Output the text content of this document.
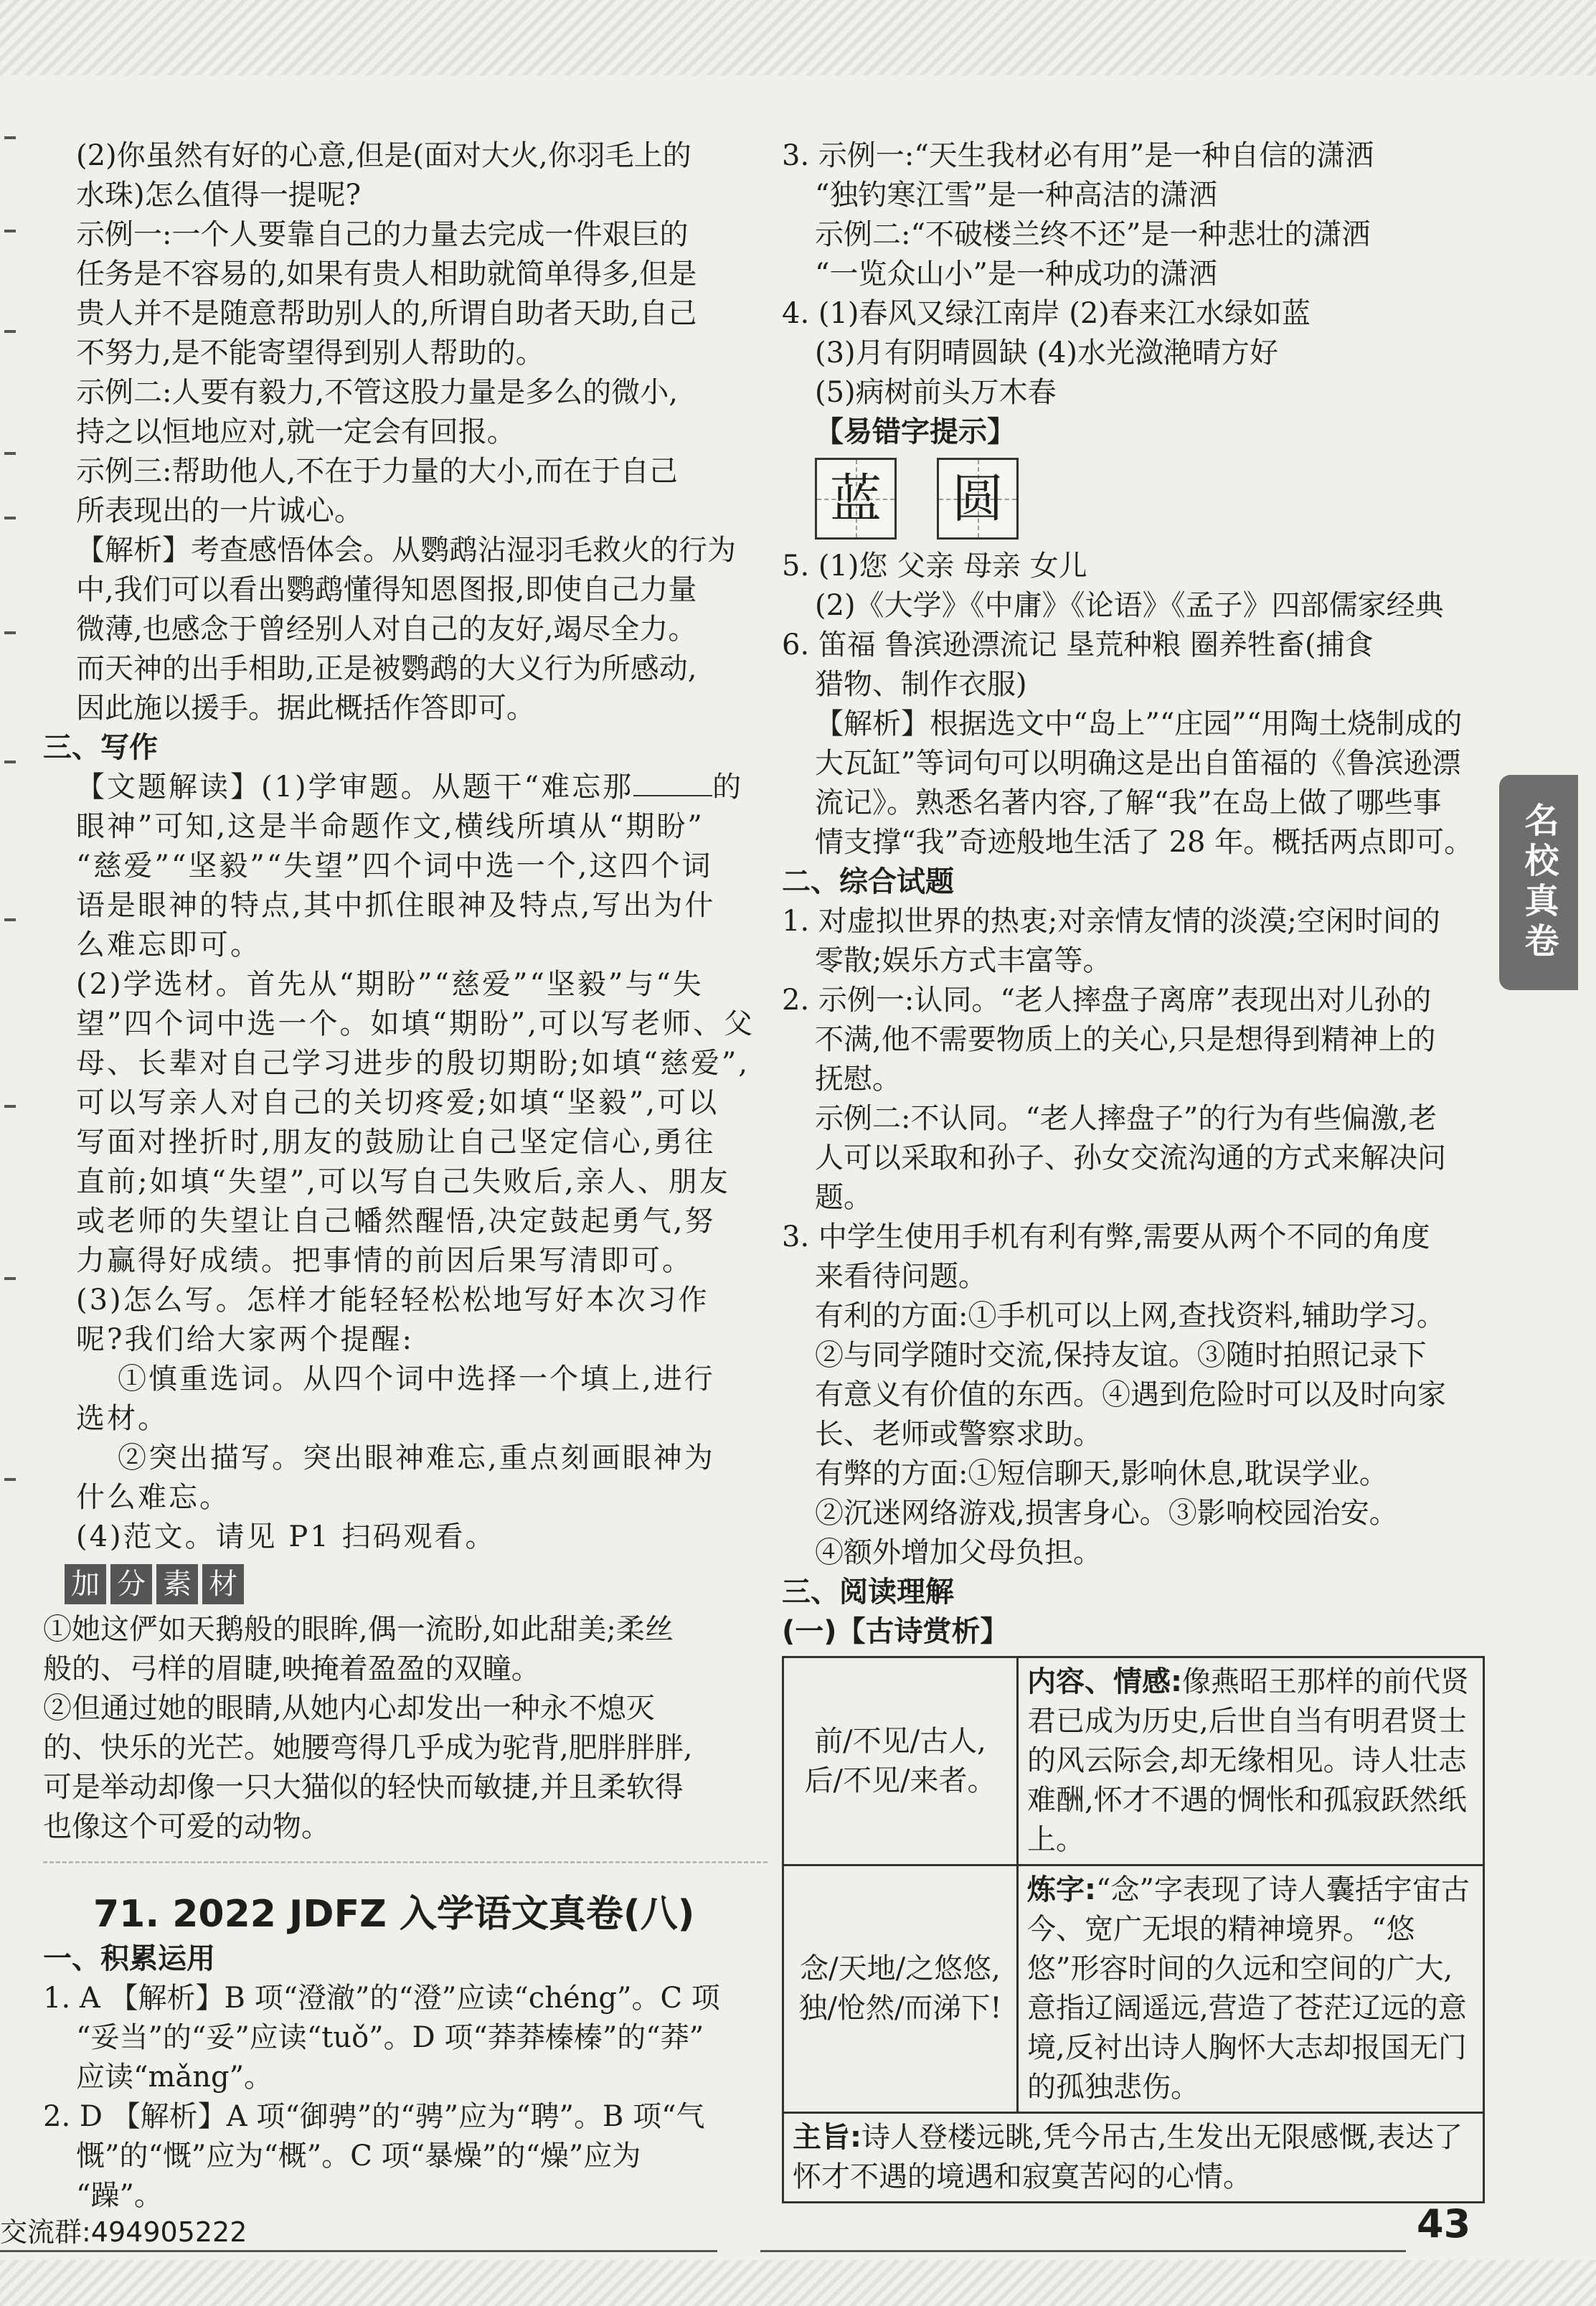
(2)你虽然有好的心意,但是(面对大火,你羽毛上的

水珠)怎么值得一提呢?

示例一:一个人要靠自己的力量去完成一件艰巨的

任务是不容易的,如果有贵人相助就简单得多,但是

贵人并不是随意帮助别人的,所谓自助者天助,自己

不努力,是不能寄望得到别人帮助的。

示例二:人要有毅力,不管这股力量是多么的微小,

持之以恒地应对,就一定会有回报。

示例三:帮助他人,不在于力量的大小,而在于自己

所表现出的一片诚心。

【解析】考查感悟体会。从鹦鹉沾湿羽毛救火的行为

中,我们可以看出鹦鹉懂得知恩图报,即使自己力量

微薄,也感念于曾经别人对自己的友好,竭尽全力。

而天神的出手相助,正是被鹦鹉的大义行为所感动,

因此施以援手。据此概括作答即可。

三、写作

【文题解读】(1)学审题。从题干“难忘那	的

眼神”可知,这是半命题作文,横线所填从“期盼”

“慈爱”“坚毅”“失望”四个词中选一个,这四个词

语是眼神的特点,其中抓住眼神及特点,写出为什

么难忘即可。

(2)学选材。首先从“期盼”“慈爱”“坚毅”与“失

望”四个词中选一个。如填“期盼”,可以写老师、父

母、长辈对自己学习进步的殷切期盼;如填“慈爱”,

可以写亲人对自己的关切疼爱;如填“坚毅”,可以

写面对挫折时,朋友的鼓励让自己坚定信心,勇往

直前;如填“失望”,可以写自己失败后,亲人、朋友

或老师的失望让自己幡然醒悟,决定鼓起勇气,努

力赢得好成绩。把事情的前因后果写清即可。

(3)怎么写。怎样才能轻轻松松地写好本次习作

呢?我们给大家两个提醒:

①慎重选词。从四个词中选择一个填上,进行

选材。

②突出描写。突出眼神难忘,重点刻画眼神为

什么难忘。

(4)范文。请见 P1 扫码观看。

加 分 素 材

①她这俨如天鹅般的眼眸,偶一流盼,如此甜美;柔丝

般的、弓样的眉睫,映掩着盈盈的双瞳。

②但通过她的眼睛,从她内心却发出一种永不熄灭

的、快乐的光芒。她腰弯得几乎成为驼背,肥胖胖胖,

可是举动却像一只大猫似的轻快而敏捷,并且柔软得

也像这个可爱的动物。

71. 2022 JDFZ 入学语文真卷(八)

一、积累运用

1. A 【解析】B 项“澄澈”的“澄”应读“chéng”。C 项

“妥当”的“妥”应读“tuǒ”。D 项“莽莽榛榛”的“莽”

应读“mǎng”。

2. D 【解析】A 项“御骋”的“骋”应为“聘”。B 项“气

慨”的“慨”应为“概”。C 项“暴燥”的“燥”应为

“躁”。

3. 示例一:“天生我材必有用”是一种自信的潇洒

“独钓寒江雪”是一种高洁的潇洒

示例二:“不破楼兰终不还”是一种悲壮的潇洒

“一览众山小”是一种成功的潇洒

4. (1)春风又绿江南岸 (2)春来江水绿如蓝

(3)月有阴晴圆缺 (4)水光潋滟晴方好

(5)病树前头万木春

【易错字提示】

蓝 圆

5. (1)您 父亲 母亲 女儿

(2)《大学》《中庸》《论语》《孟子》四部儒家经典

6. 笛福 鲁滨逊漂流记 垦荒种粮 圈养牲畜(捕食

猎物、制作衣服)

【解析】根据选文中“岛上”“庄园”“用陶土烧制成的

大瓦缸”等词句可以明确这是出自笛福的《鲁滨逊漂

流记》。熟悉名著内容,了解“我”在岛上做了哪些事

情支撑“我”奇迹般地生活了 28 年。概括两点即可。

二、综合试题

1. 对虚拟世界的热衷;对亲情友情的淡漠;空闲时间的

零散;娱乐方式丰富等。

2. 示例一:认同。“老人摔盘子离席”表现出对儿孙的

不满,他不需要物质上的关心,只是想得到精神上的

抚慰。

示例二:不认同。“老人摔盘子”的行为有些偏激,老

人可以采取和孙子、孙女交流沟通的方式来解决问题。

3. 中学生使用手机有利有弊,需要从两个不同的角度

来看待问题。

有利的方面:①手机可以上网,查找资料,辅助学习。

②与同学随时交流,保持友谊。③随时拍照记录下

有意义有价值的东西。④遇到危险时可以及时向家

长、老师或警察求助。

有弊的方面:①短信聊天,影响休息,耽误学业。

②沉迷网络游戏,损害身心。③影响校园治安。

④额外增加父母负担。

三、阅读理解

(一)【古诗赏析】

前/不见/古人,
后/不见/来者。	内容、情感:像燕昭王那样的前代贤君已成为历史,后世自当有明君贤士的风云际会,却无缘相见。诗人壮志难酬,怀才不遇的惆怅和孤寂跃然纸上。

念/天地/之悠悠,
独/怆然/而涕下!	炼字:“念”字表现了诗人囊括宇宙古今、宽广无垠的精神境界。“悠悠”形容时间的久远和空间的广大,意指辽阔遥远,营造了苍茫辽远的意境,反衬出诗人胸怀大志却报国无门的孤独悲伤。
主旨:诗人登楼远眺,凭今吊古,生发出无限感慨,表达了怀才不遇的境遇和寂寞苦闷的心情。	
名校真卷
交流群:494905222	43
